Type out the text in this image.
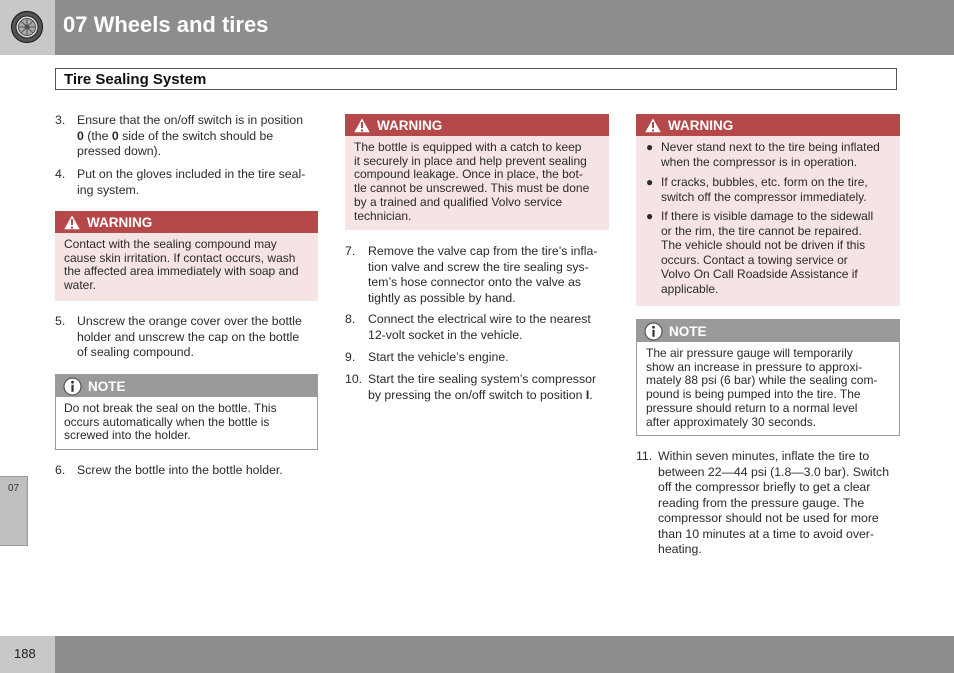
07 Wheels and tires
Tire Sealing System
3. Ensure that the on/off switch is in position
0 (the 0 side of the switch should be
pressed down).
4. Put on the gloves included in the tire seal-
ing system.
WARNING
Contact with the sealing compound may
cause skin irritation. If contact occurs, wash
the affected area immediately with soap and
water.
5. Unscrew the orange cover over the bottle
holder and unscrew the cap on the bottle
of sealing compound.
NOTE
Do not break the seal on the bottle. This
occurs automatically when the bottle is
screwed into the holder.
6. Screw the bottle into the bottle holder.
WARNING
The bottle is equipped with a catch to keep
it securely in place and help prevent sealing
compound leakage. Once in place, the bot-
tle cannot be unscrewed. This must be done
by a trained and qualified Volvo service
technician.
7. Remove the valve cap from the tire’s infla-
tion valve and screw the tire sealing sys-
tem’s hose connector onto the valve as
tightly as possible by hand.
8. Connect the electrical wire to the nearest
12-volt socket in the vehicle.
9. Start the vehicle’s engine.
10. Start the tire sealing system’s compressor
by pressing the on/off switch to position I.
WARNING
● Never stand next to the tire being inflated
when the compressor is in operation.
● If cracks, bubbles, etc. form on the tire,
switch off the compressor immediately.
● If there is visible damage to the sidewall
or the rim, the tire cannot be repaired.
The vehicle should not be driven if this
occurs. Contact a towing service or
Volvo On Call Roadside Assistance if
applicable.
NOTE
The air pressure gauge will temporarily
show an increase in pressure to approxi-
mately 88 psi (6 bar) while the sealing com-
pound is being pumped into the tire. The
pressure should return to a normal level
after approximately 30 seconds.
11. Within seven minutes, inflate the tire to
between 22—44 psi (1.8—3.0 bar). Switch
off the compressor briefly to get a clear
reading from the pressure gauge. The
compressor should not be used for more
than 10 minutes at a time to avoid over-
heating.
07
188
